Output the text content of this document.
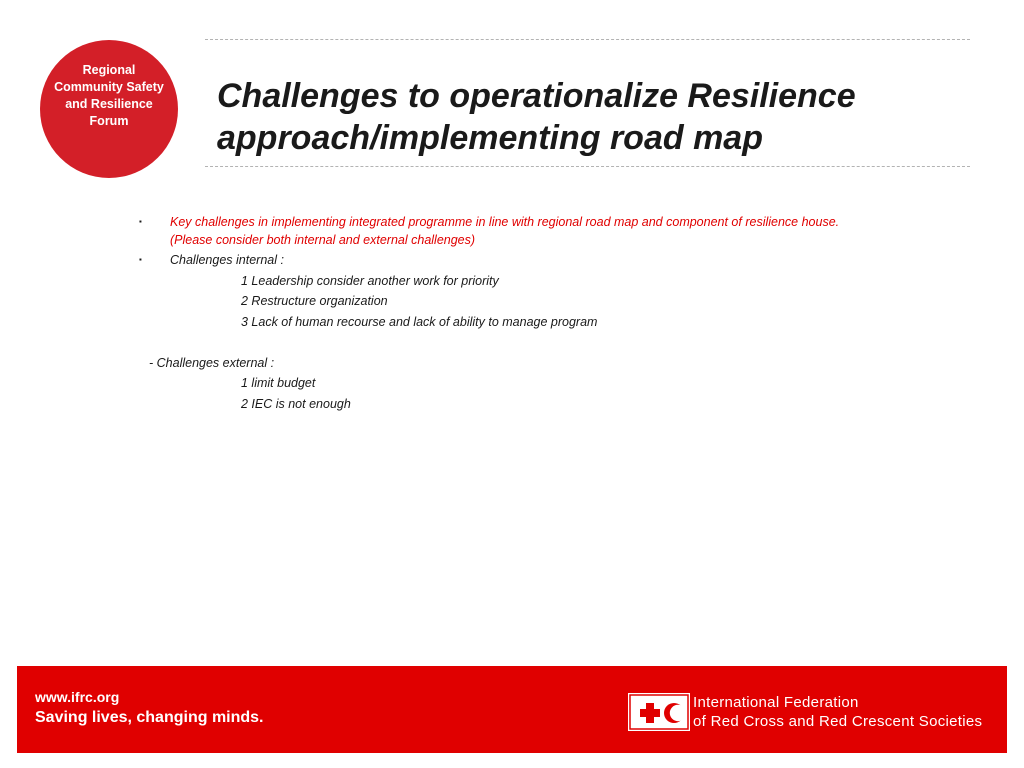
Regional
Community Safety
and Resilience
Forum
Challenges to operationalize Resilience
approach/implementing road map
▪ Key challenges in implementing integrated programme in line with regional road map and component of resilience house.
(Please consider both internal and external challenges)
▪ Challenges internal :
1 Leadership consider another work for priority
2 Restructure organization
3 Lack of human recourse and lack of ability to manage program
- Challenges external :
1 limit budget
2 IEC is not enough
www.ifrc.org
Saving lives, changing minds.
International Federation
of Red Cross and Red Crescent Societies
